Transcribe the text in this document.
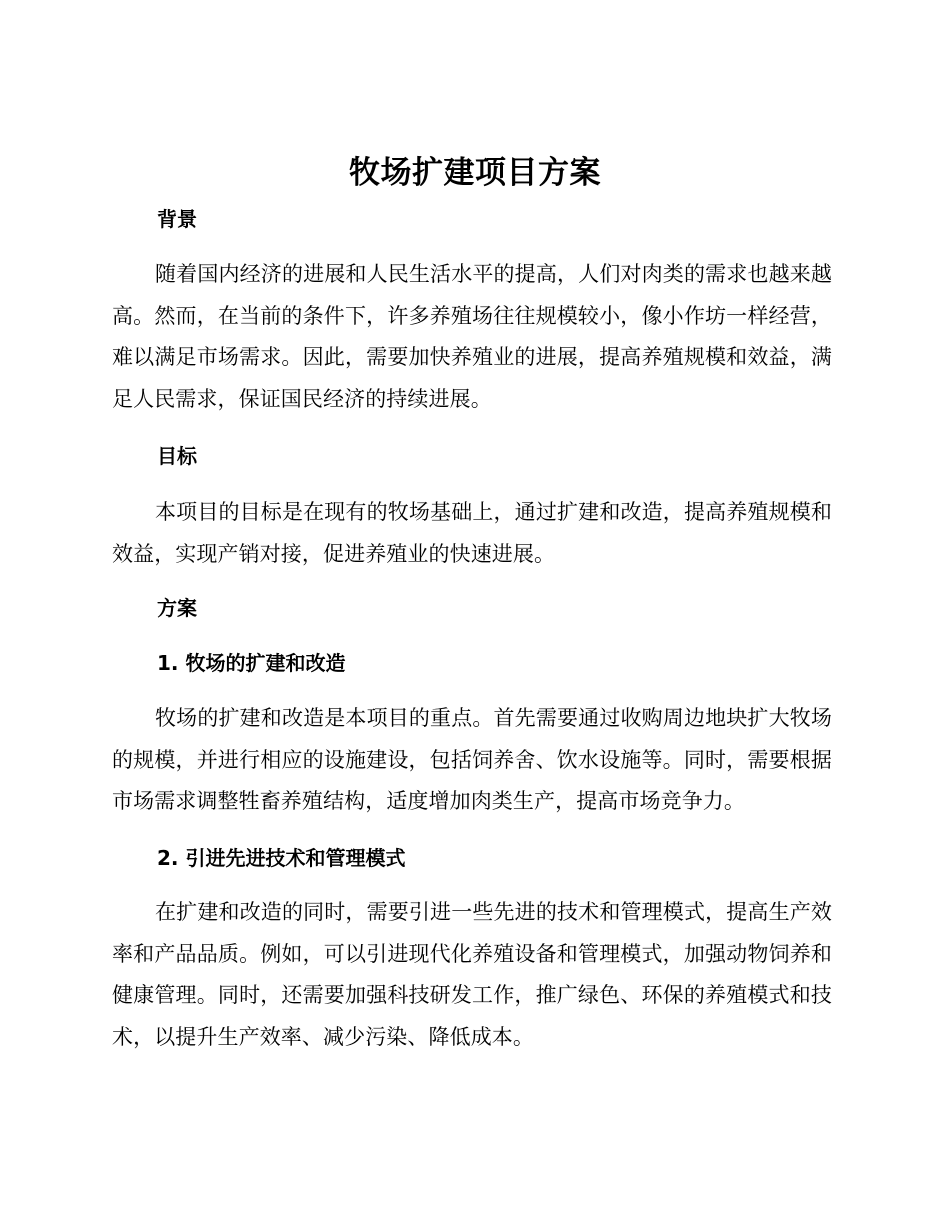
牧场扩建项目方案
背景

随着国内经济的进展和人民生活水平的提高，人们对肉类的需求也越来越高。然而，在当前的条件下，许多养殖场往往规模较小，像小作坊一样经营，难以满足市场需求。因此，需要加快养殖业的进展，提高养殖规模和效益，满足人民需求，保证国民经济的持续进展。

目标

本项目的目标是在现有的牧场基础上，通过扩建和改造，提高养殖规模和效益，实现产销对接，促进养殖业的快速进展。

方案
1. 牧场的扩建和改造

牧场的扩建和改造是本项目的重点。首先需要通过收购周边地块扩大牧场的规模，并进行相应的设施建设，包括饲养舍、饮水设施等。同时，需要根据市场需求调整牲畜养殖结构，适度增加肉类生产，提高市场竞争力。

2. 引进先进技术和管理模式

在扩建和改造的同时，需要引进一些先进的技术和管理模式，提高生产效率和产品品质。例如，可以引进现代化养殖设备和管理模式，加强动物饲养和健康管理。同时，还需要加强科技研发工作，推广绿色、环保的养殖模式和技术，以提升生产效率、减少污染、降低成本。
